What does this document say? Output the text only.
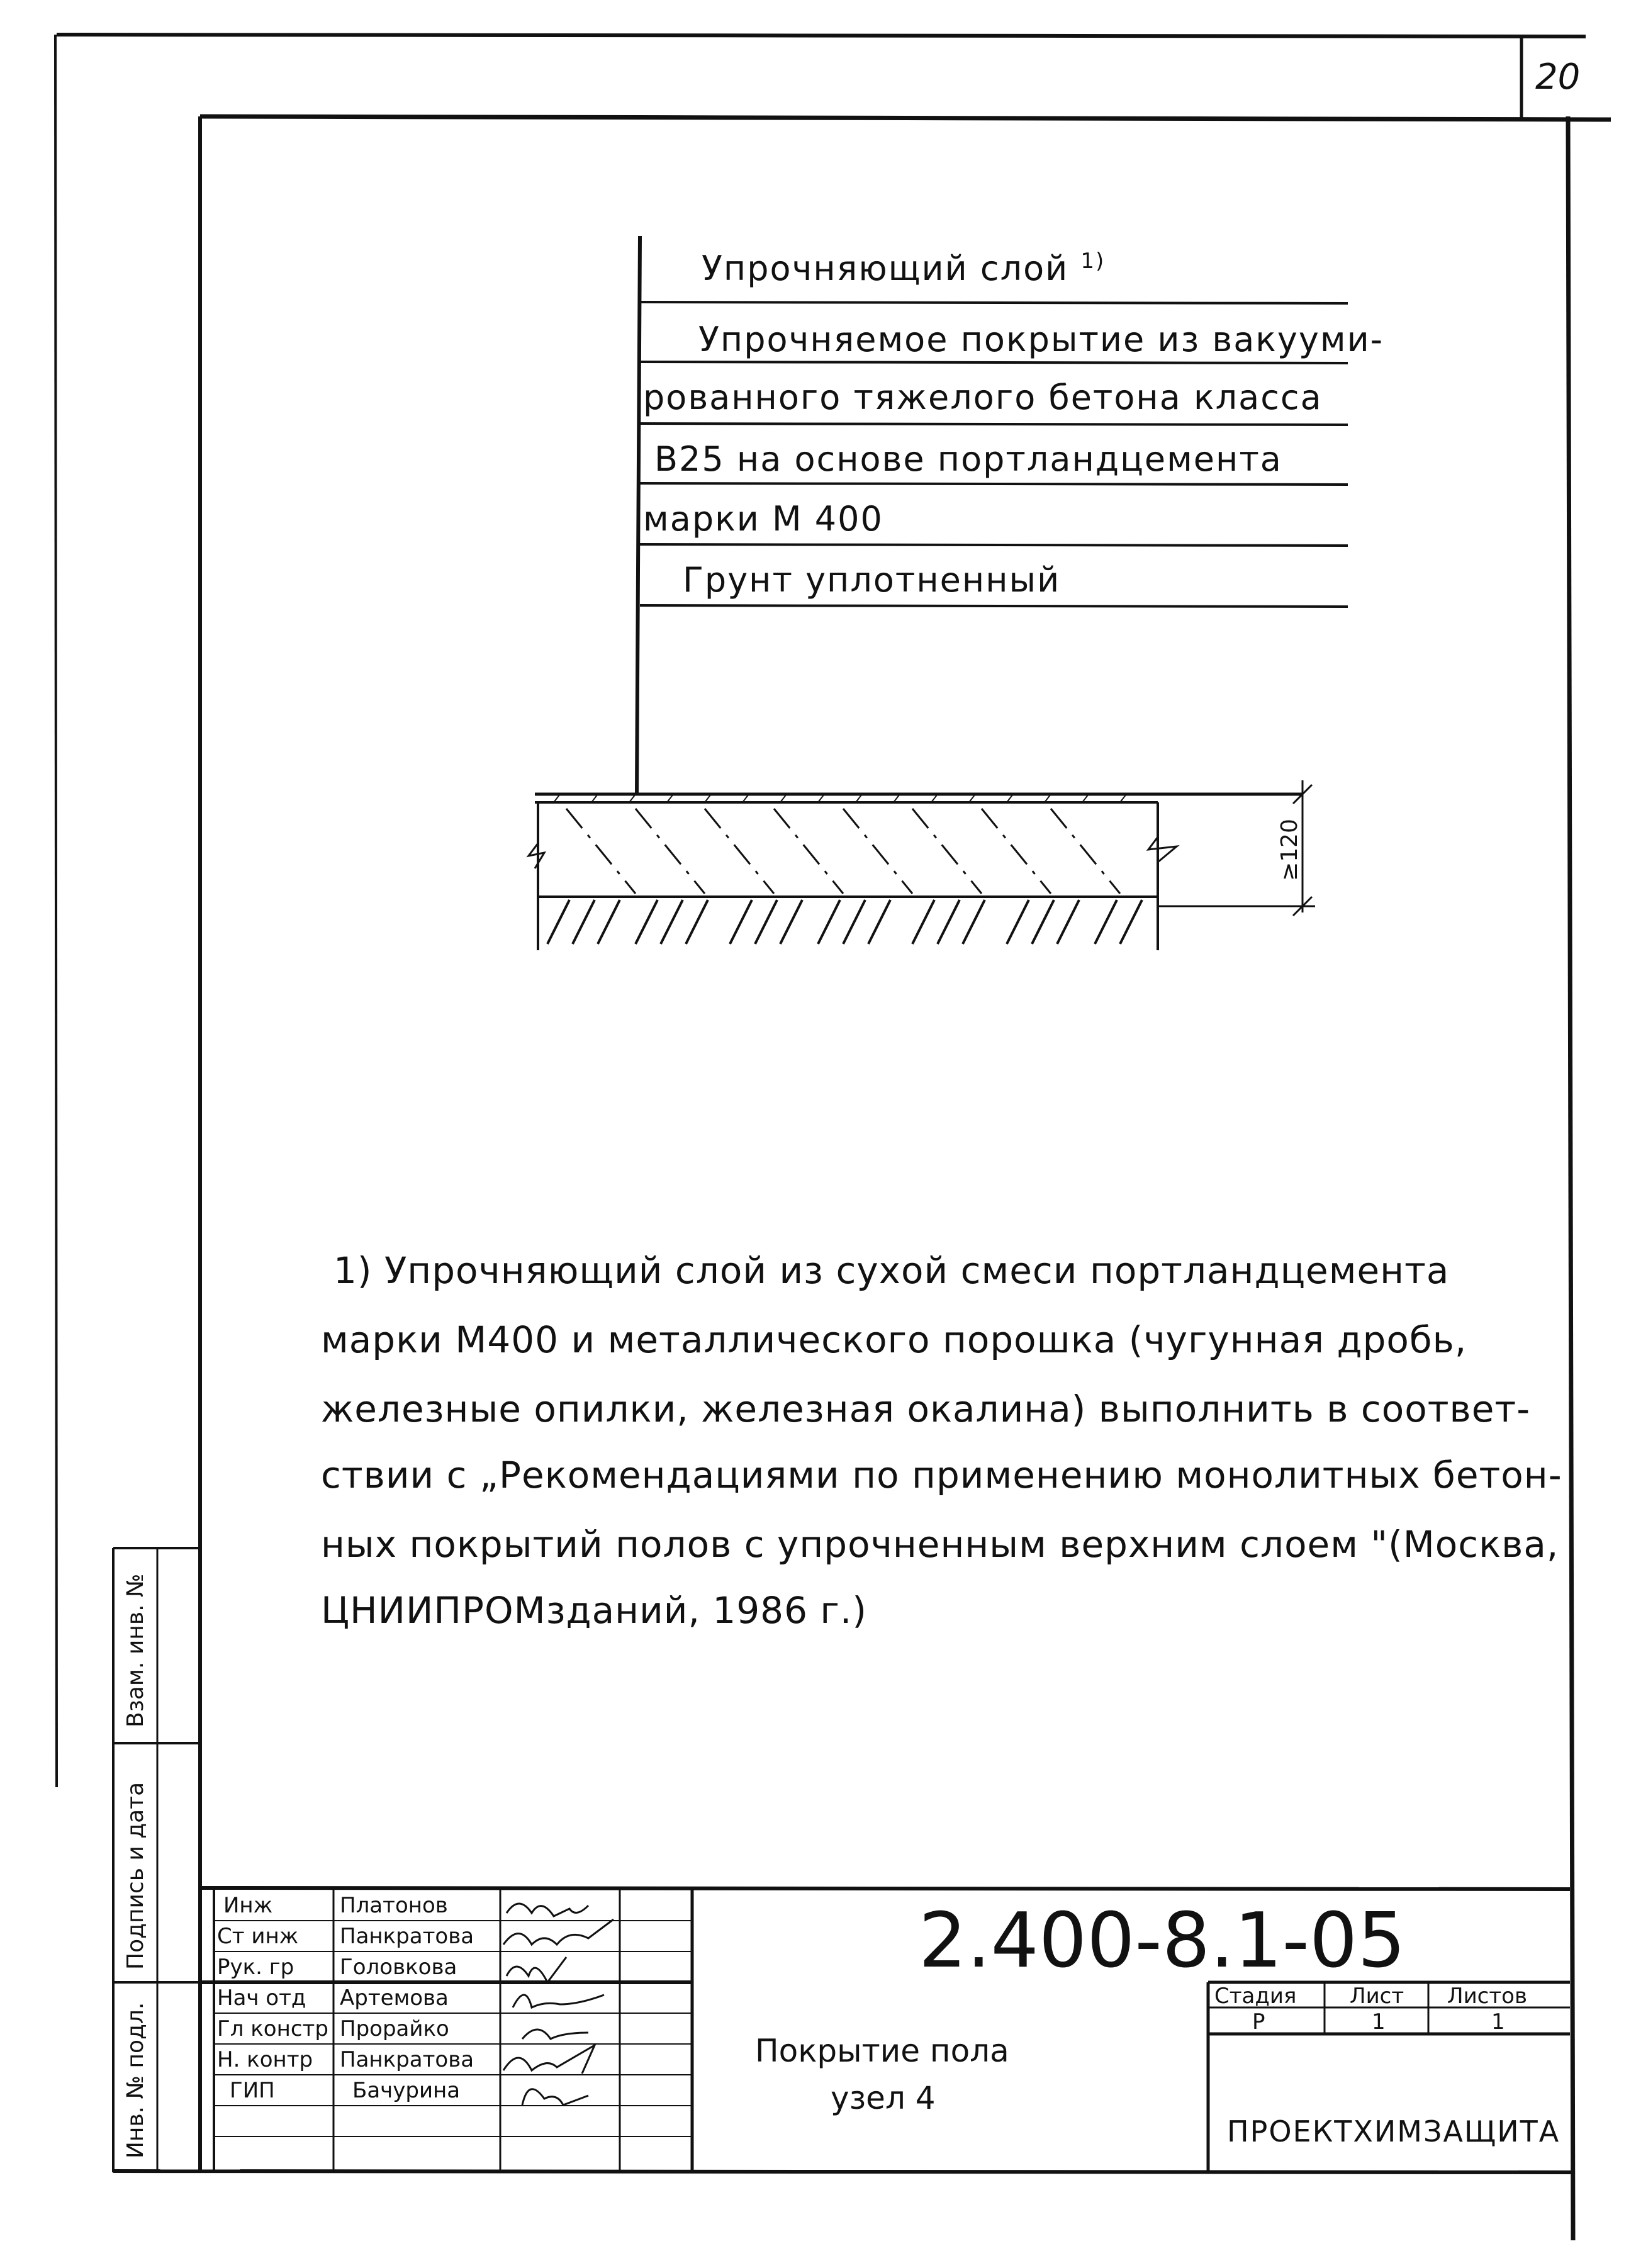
20
Упрочняющий слой $^{1)}$
Упрочняемое покрытие из вакууми-
рованного тяжелого бетона класса
В25 на основе портландцемента
марки М 400
Грунт уплотненный
≥120
1) Упрочняющий слой из сухой смеси портландцемента
марки М400 и металлического порошка (чугунная дробь,
железные опилки, железная окалина) выполнить в соответ-
ствии с „Рекомендациями по применению монолитных бетон-
ных покрытий полов с упрочненным верхним слоем "(Москва,
ЦНИИПРОМзданий, 1986 г.)
Инв. № подл.
Подпись и дата
Взам. инв. №
Инж	Платонов
Ст инж Панкратова
Рук. гр Головкова
Нач отд Артемова
Гл констр Прорайко
Н. контр Панкратова
ГИП	Бачурина
2.400-8.1-05
Покрытие пола
узел 4
Стадия Лист Листов
Р	1	1
ПРОЕКТХИМЗАЩИТА
